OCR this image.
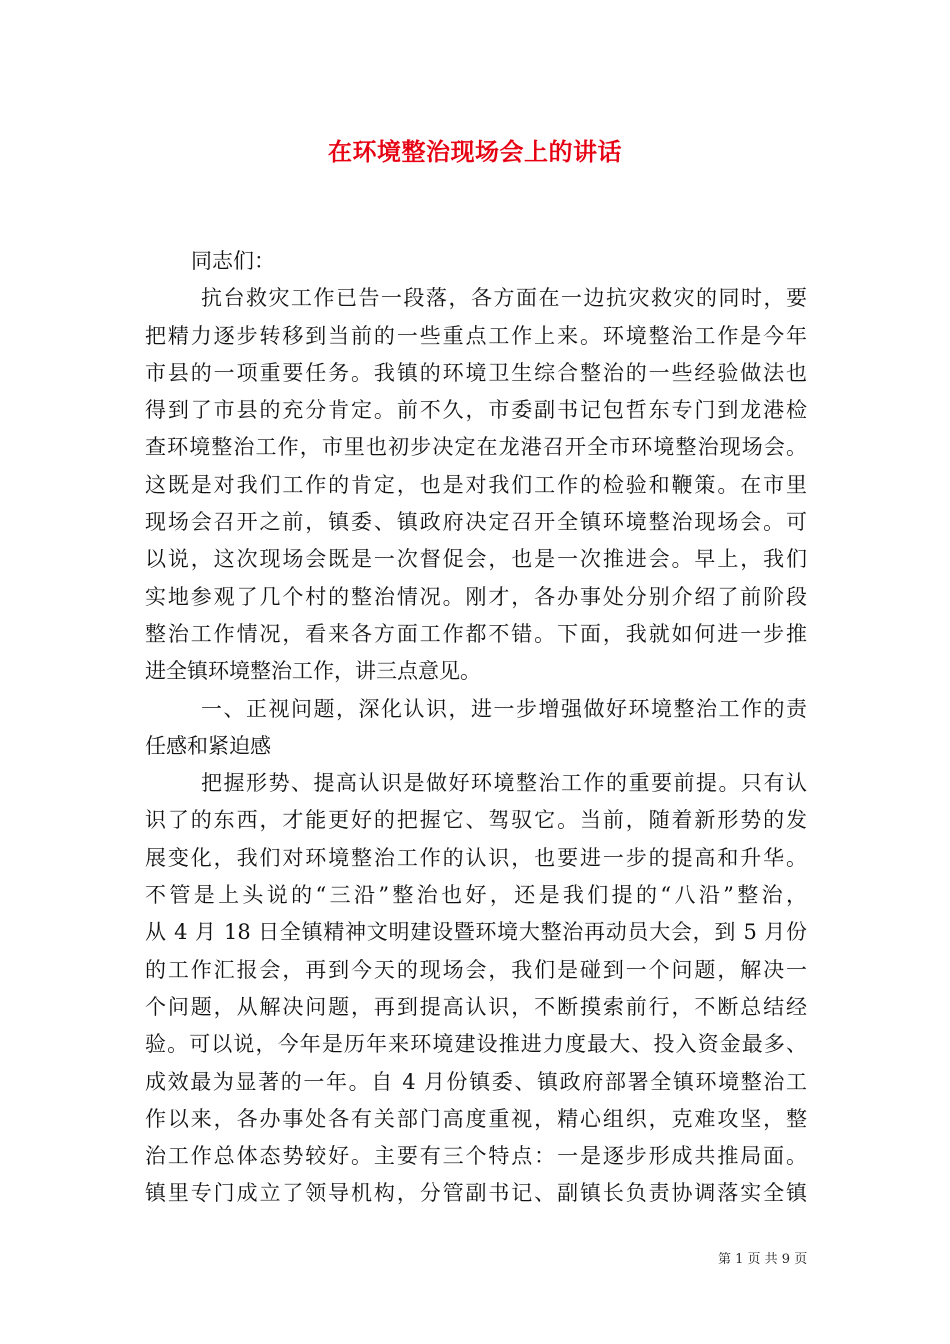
在环境整治现场会上的讲话
同志们：
抗台救灾工作已告一段落，各方面在一边抗灾救灾的同时，要
把精力逐步转移到当前的一些重点工作上来。环境整治工作是今年
市县的一项重要任务。我镇的环境卫生综合整治的一些经验做法也
得到了市县的充分肯定。前不久，市委副书记包哲东专门到龙港检
查环境整治工作，市里也初步决定在龙港召开全市环境整治现场会。
这既是对我们工作的肯定，也是对我们工作的检验和鞭策。在市里
现场会召开之前，镇委、镇政府决定召开全镇环境整治现场会。可
以说，这次现场会既是一次督促会，也是一次推进会。早上，我们
实地参观了几个村的整治情况。刚才，各办事处分别介绍了前阶段
整治工作情况，看来各方面工作都不错。下面，我就如何进一步推
进全镇环境整治工作，讲三点意见。
一、正视问题，深化认识，进一步增强做好环境整治工作的责
任感和紧迫感
把握形势、提高认识是做好环境整治工作的重要前提。只有认
识了的东西，才能更好的把握它、驾驭它。当前，随着新形势的发
展变化，我们对环境整治工作的认识，也要进一步的提高和升华。
不管是上头说的“三沿”整治也好，还是我们提的“八沿”整治，
从 4 月 18 日全镇精神文明建设暨环境大整治再动员大会，到 5 月份
的工作汇报会，再到今天的现场会，我们是碰到一个问题，解决一
个问题，从解决问题，再到提高认识，不断摸索前行，不断总结经
验。可以说，今年是历年来环境建设推进力度最大、投入资金最多、
成效最为显著的一年。自 4 月份镇委、镇政府部署全镇环境整治工
作以来，各办事处各有关部门高度重视，精心组织，克难攻坚，整
治工作总体态势较好。主要有三个特点：一是逐步形成共推局面。
镇里专门成立了领导机构，分管副书记、副镇长负责协调落实全镇
第 1 页 共 9 页
